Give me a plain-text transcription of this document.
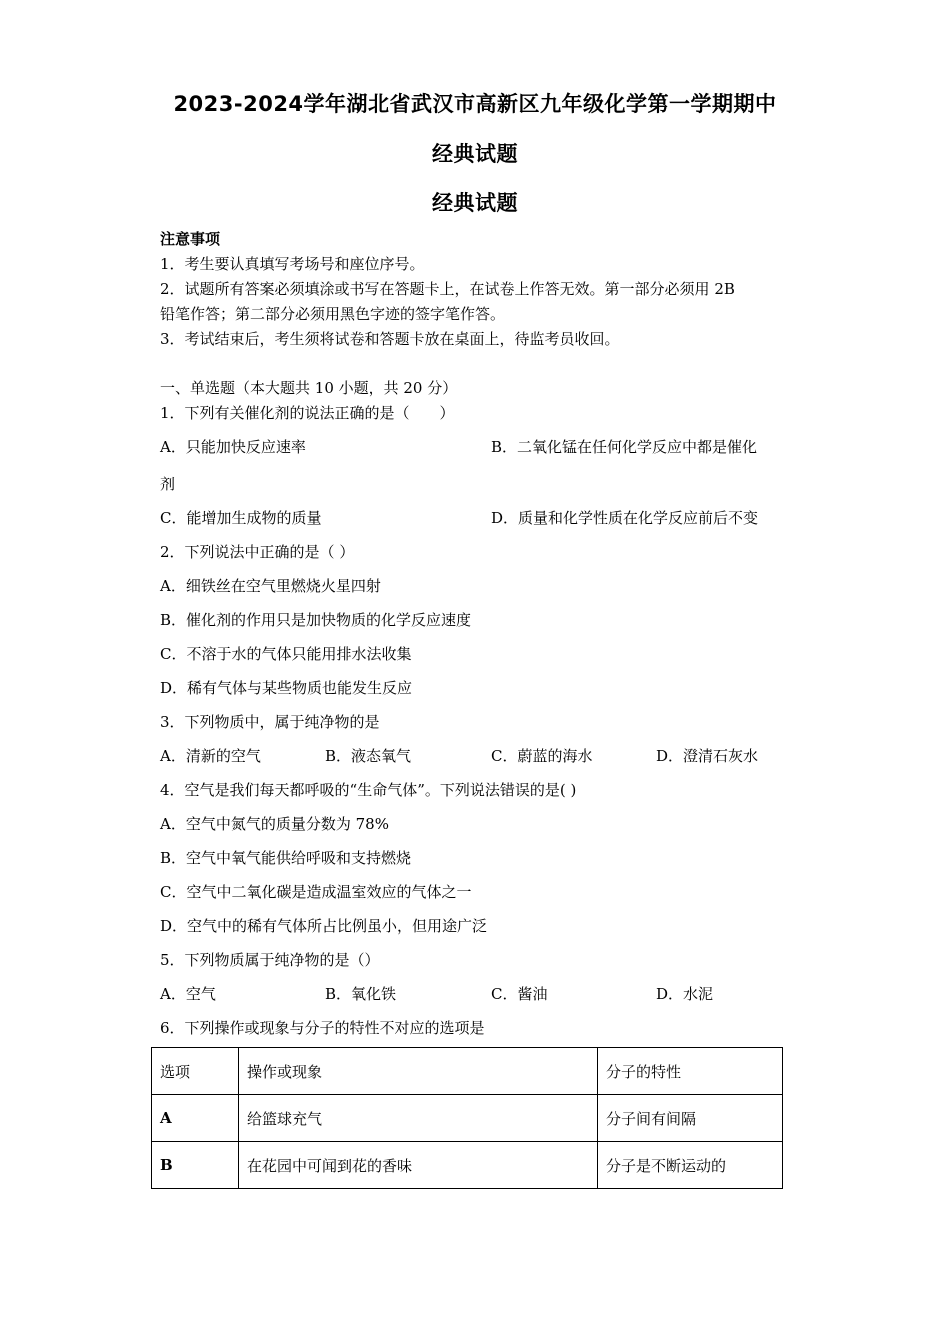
2023-2024学年湖北省武汉市高新区九年级化学第一学期期中
经典试题
经典试题
注意事项
1．考生要认真填写考场号和座位序号。
2．试题所有答案必须填涂或书写在答题卡上，在试卷上作答无效。第一部分必须用 2B
铅笔作答；第二部分必须用黑色字迹的签字笔作答。
3．考试结束后，考生须将试卷和答题卡放在桌面上，待监考员收回。
一、单选题（本大题共 10 小题，共 20 分）
1．下列有关催化剂的说法正确的是（　　）
A．只能加快反应速率	B．二氧化锰在任何化学反应中都是催化
剂
C．能增加生成物的质量	D．质量和化学性质在化学反应前后不变
2．下列说法中正确的是（ ）
A．细铁丝在空气里燃烧火星四射
B．催化剂的作用只是加快物质的化学反应速度
C．不溶于水的气体只能用排水法收集
D．稀有气体与某些物质也能发生反应
3．下列物质中，属于纯净物的是
A．清新的空气	B．液态氧气	C．蔚蓝的海水	D．澄清石灰水
4．空气是我们每天都呼吸的“生命气体”。下列说法错误的是( )
A．空气中氮气的质量分数为 78%
B．空气中氧气能供给呼吸和支持燃烧
C．空气中二氧化碳是造成温室效应的气体之一
D．空气中的稀有气体所占比例虽小，但用途广泛
5．下列物质属于纯净物的是（）
A．空气	B．氧化铁	C．酱油	D．水泥
6．下列操作或现象与分子的特性不对应的选项是
选项	操作或现象	分子的特性
A	给篮球充气	分子间有间隔
B	在花园中可闻到花的香味	分子是不断运动的
